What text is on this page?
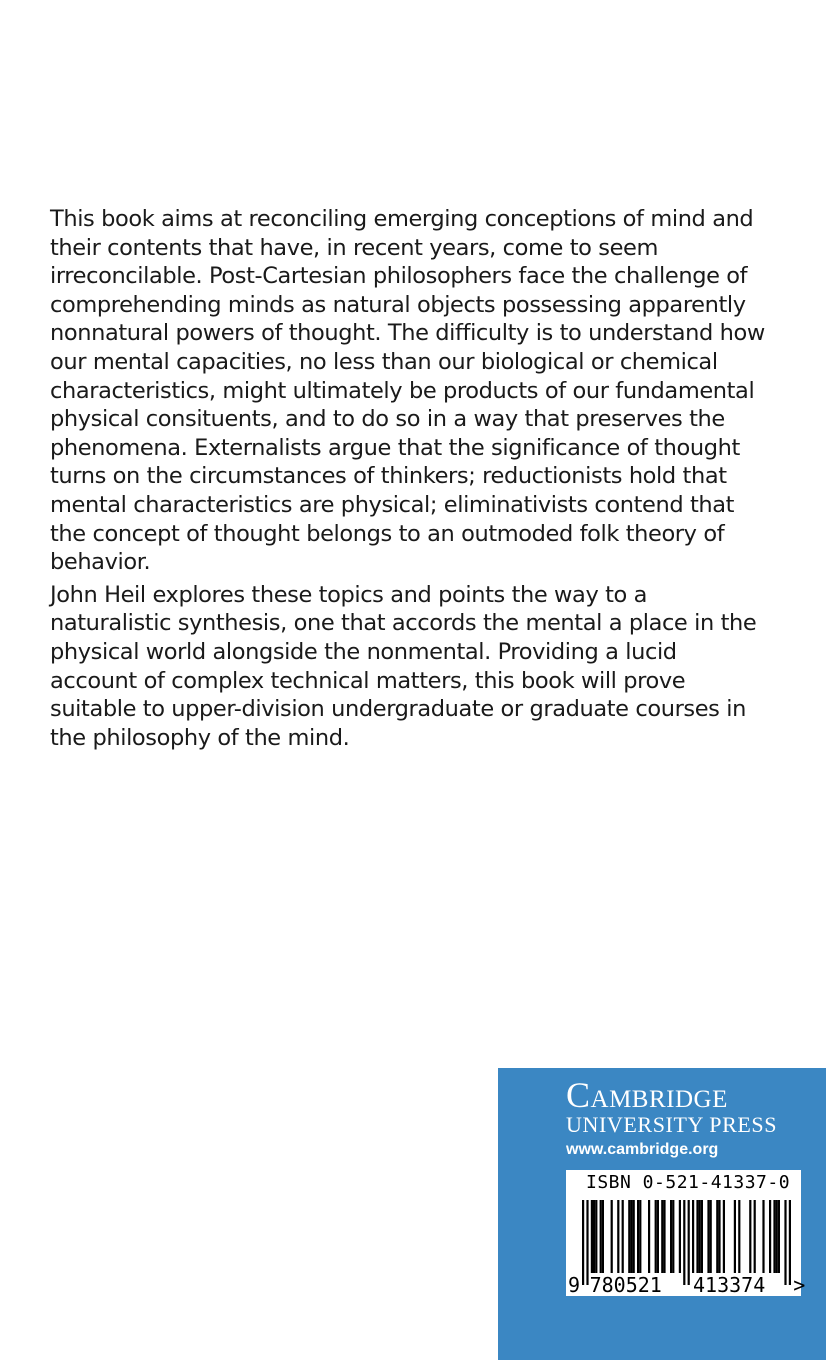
This book aims at reconciling emerging conceptions of mind and
their contents that have, in recent years, come to seem
irreconcilable. Post-Cartesian philosophers face the challenge of
comprehending minds as natural objects possessing apparently
nonnatural powers of thought. The difficulty is to understand how
our mental capacities, no less than our biological or chemical
characteristics, might ultimately be products of our fundamental
physical consituents, and to do so in a way that preserves the
phenomena. Externalists argue that the significance of thought
turns on the circumstances of thinkers; reductionists hold that
mental characteristics are physical; eliminativists contend that
the concept of thought belongs to an outmoded folk theory of
behavior.
John Heil explores these topics and points the way to a
naturalistic synthesis, one that accords the mental a place in the
physical world alongside the nonmental. Providing a lucid
account of complex technical matters, this book will prove
suitable to upper-division undergraduate or graduate courses in
the philosophy of the mind.
Cambridge
UNIVERSITY PRESS
www.cambridge.org
ISBN 0-521-41337-0
9 780521 413374 >
